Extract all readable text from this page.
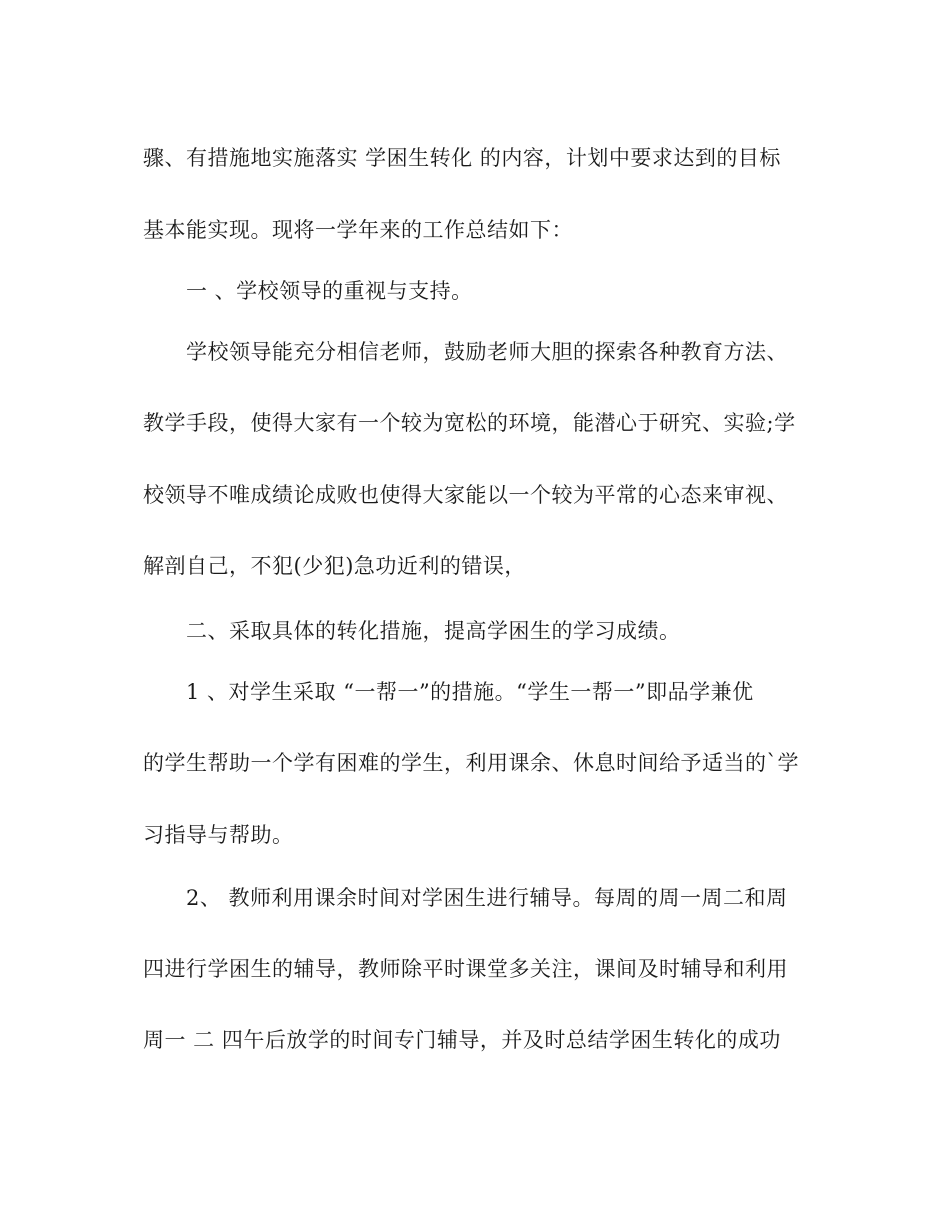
骤、有措施地实施落实 学困生转化 的内容，计划中要求达到的目标
基本能实现。现将一学年来的工作总结如下：
一 、学校领导的重视与支持。
学校领导能充分相信老师，鼓励老师大胆的探索各种教育方法、
教学手段，使得大家有一个较为宽松的环境，能潜心于研究、实验;学
校领导不唯成绩论成败也使得大家能以一个较为平常的心态来审视、
解剖自己，不犯(少犯)急功近利的错误，
二、采取具体的转化措施，提高学困生的学习成绩。
1 、对学生采取 “一帮一”的措施。“学生一帮一”即品学兼优
的学生帮助一个学有困难的学生，利用课余、休息时间给予适当的`学
习指导与帮助。
2、 教师利用课余时间对学困生进行辅导。每周的周一周二和周
四进行学困生的辅导，教师除平时课堂多关注，课间及时辅导和利用
周一 二 四午后放学的时间专门辅导，并及时总结学困生转化的成功
